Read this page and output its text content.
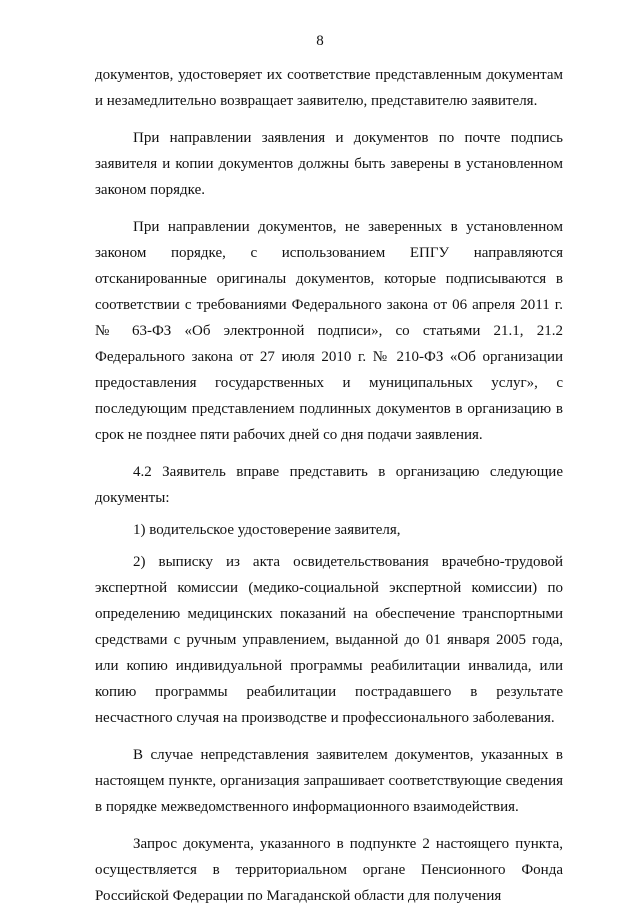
8

документов, удостоверяет их соответствие представленным документам и незамедлительно возвращает заявителю, представителю заявителя.

При направлении заявления и документов по почте подпись заявителя и копии документов должны быть заверены в установленном законом порядке.

При направлении документов, не заверенных в установленном законом порядке, с использованием ЕПГУ направляются отсканированные оригиналы документов, которые подписываются в соответствии с требованиями Федерального закона от 06 апреля 2011 г. № 63-ФЗ «Об электронной подписи», со статьями 21.1, 21.2 Федерального закона от 27 июля 2010 г. № 210-ФЗ «Об организации предоставления государственных и муниципальных услуг», с последующим представлением подлинных документов в организацию в срок не позднее пяти рабочих дней со дня подачи заявления.

4.2 Заявитель вправе представить в организацию следующие документы:

1) водительское удостоверение заявителя,

2) выписку из акта освидетельствования врачебно-трудовой экспертной комиссии (медико-социальной экспертной комиссии) по определению медицинских показаний на обеспечение транспортными средствами с ручным управлением, выданной до 01 января 2005 года, или копию индивидуальной программы реабилитации инвалида, или копию программы реабилитации пострадавшего в результате несчастного случая на производстве и профессионального заболевания.

В случае непредставления заявителем документов, указанных в настоящем пункте, организация запрашивает соответствующие сведения в порядке межведомственного информационного взаимодействия.

Запрос документа, указанного в подпункте 2 настоящего пункта, осуществляется в территориальном органе Пенсионного Фонда Российской Федерации по Магаданской области для получения
